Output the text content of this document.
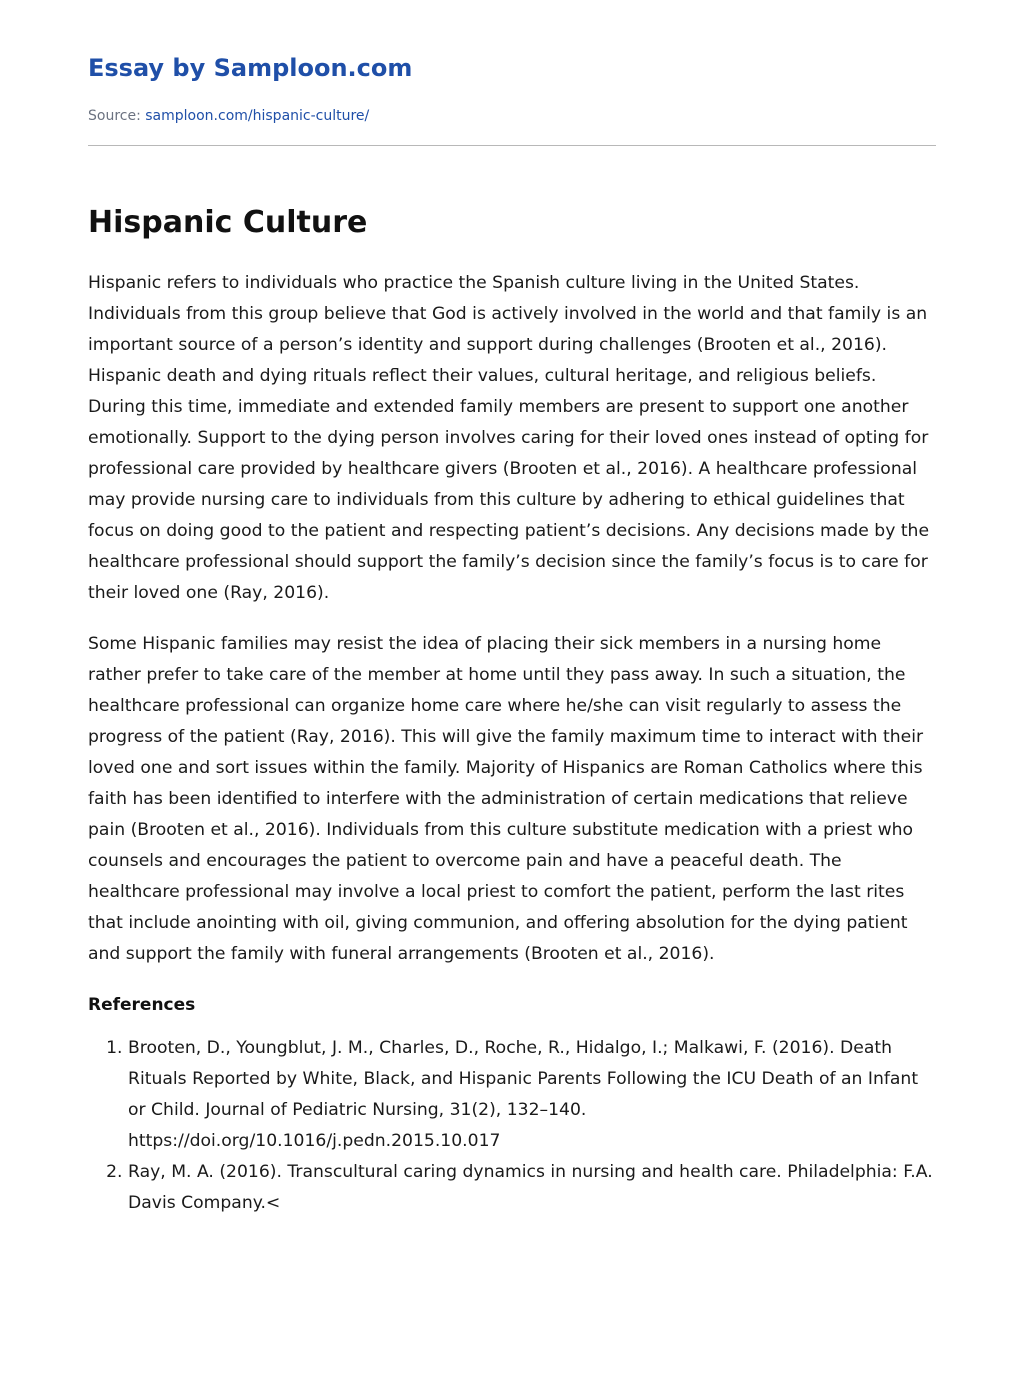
Essay by Samploon.com

Source: samploon.com/hispanic-culture/

Hispanic Culture

Hispanic refers to individuals who practice the Spanish culture living in the United States. Individuals from this group believe that God is actively involved in the world and that family is an important source of a person’s identity and support during challenges (Brooten et al., 2016). Hispanic death and dying rituals reflect their values, cultural heritage, and religious beliefs. During this time, immediate and extended family members are present to support one another emotionally. Support to the dying person involves caring for their loved ones instead of opting for professional care provided by healthcare givers (Brooten et al., 2016). A healthcare professional may provide nursing care to individuals from this culture by adhering to ethical guidelines that focus on doing good to the patient and respecting patient’s decisions. Any decisions made by the healthcare professional should support the family’s decision since the family’s focus is to care for their loved one (Ray, 2016).

Some Hispanic families may resist the idea of placing their sick members in a nursing home rather prefer to take care of the member at home until they pass away. In such a situation, the healthcare professional can organize home care where he/she can visit regularly to assess the progress of the patient (Ray, 2016). This will give the family maximum time to interact with their loved one and sort issues within the family. Majority of Hispanics are Roman Catholics where this faith has been identified to interfere with the administration of certain medications that relieve pain (Brooten et al., 2016). Individuals from this culture substitute medication with a priest who counsels and encourages the patient to overcome pain and have a peaceful death. The healthcare professional may involve a local priest to comfort the patient, perform the last rites that include anointing with oil, giving communion, and offering absolution for the dying patient and support the family with funeral arrangements (Brooten et al., 2016).

References
1. Brooten, D., Youngblut, J. M., Charles, D., Roche, R., Hidalgo, I.; Malkawi, F. (2016). Death Rituals Reported by White, Black, and Hispanic Parents Following the ICU Death of an Infant or Child. Journal of Pediatric Nursing, 31(2), 132–140. https://doi.org/10.1016/j.pedn.2015.10.017
2. Ray, M. A. (2016). Transcultural caring dynamics in nursing and health care. Philadelphia: F.A. Davis Company.<
